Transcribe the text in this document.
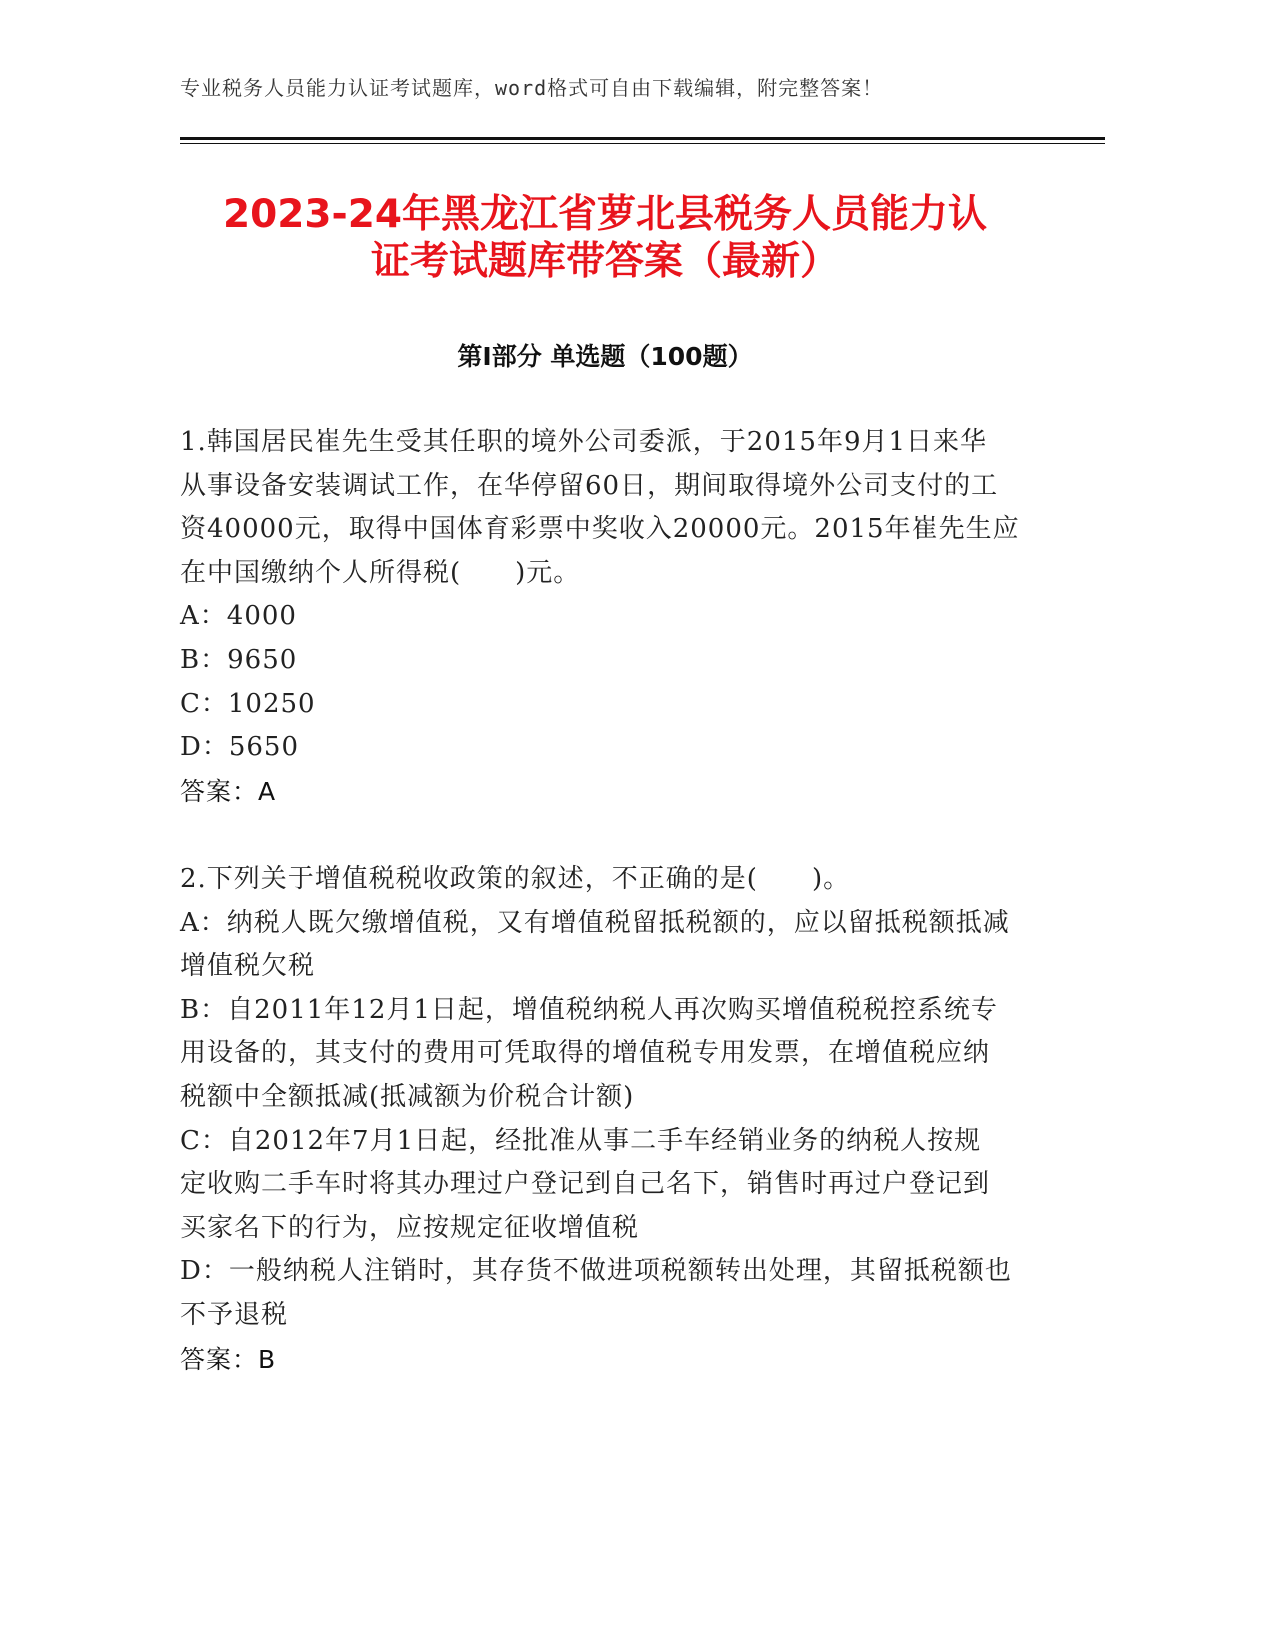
专业税务人员能力认证考试题库，word格式可自由下载编辑，附完整答案！
2023-24年黑龙江省萝北县税务人员能力认
证考试题库带答案（最新）
第Ⅰ部分 单选题（100题）
1.韩国居民崔先生受其任职的境外公司委派，于2015年9月1日来华
从事设备安装调试工作，在华停留60日，期间取得境外公司支付的工
资40000元，取得中国体育彩票中奖收入20000元。2015年崔先生应
在中国缴纳个人所得税(　　)元。
A：4000
B：9650
C：10250
D：5650
答案：A
2.下列关于增值税税收政策的叙述，不正确的是(　　)。
A：纳税人既欠缴增值税，又有增值税留抵税额的，应以留抵税额抵减
增值税欠税
B：自2011年12月1日起，增值税纳税人再次购买增值税税控系统专
用设备的，其支付的费用可凭取得的增值税专用发票，在增值税应纳
税额中全额抵减(抵减额为价税合计额)
C：自2012年7月1日起，经批准从事二手车经销业务的纳税人按规
定收购二手车时将其办理过户登记到自己名下，销售时再过户登记到
买家名下的行为，应按规定征收增值税
D：一般纳税人注销时，其存货不做进项税额转出处理，其留抵税额也
不予退税
答案：B
